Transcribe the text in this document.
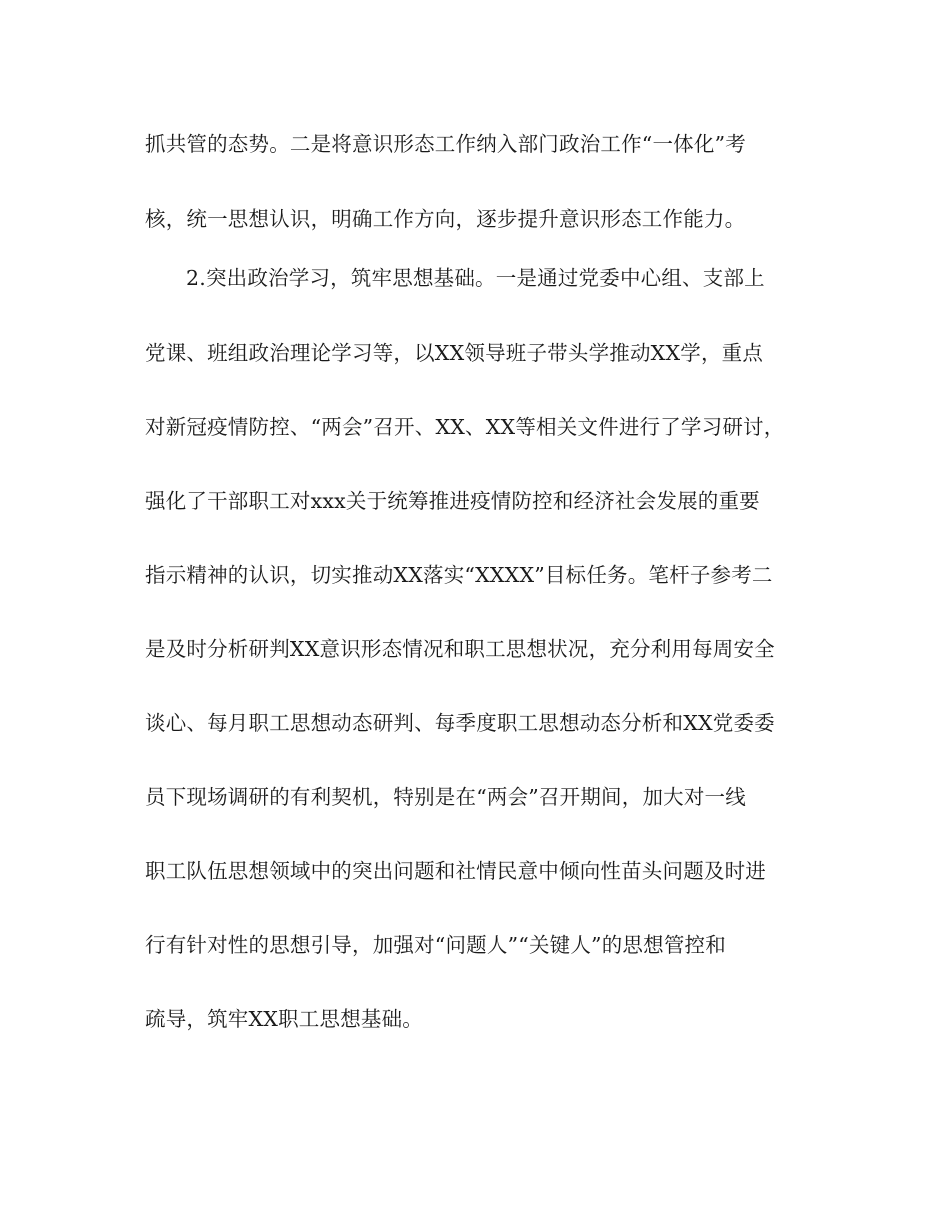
抓共管的态势。二是将意识形态工作纳入部门政治工作“一体化”考
核，统一思想认识，明确工作方向，逐步提升意识形态工作能力。
2.突出政治学习，筑牢思想基础。一是通过党委中心组、支部上
党课、班组政治理论学习等，以XX领导班子带头学推动XX学，重点
对新冠疫情防控、“两会”召开、XX、XX等相关文件进行了学习研讨，
强化了干部职工对xxx关于统筹推进疫情防控和经济社会发展的重要
指示精神的认识，切实推动XX落实“XXXX”目标任务。笔杆子参考二
是及时分析研判XX意识形态情况和职工思想状况，充分利用每周安全
谈心、每月职工思想动态研判、每季度职工思想动态分析和XX党委委
员下现场调研的有利契机，特别是在“两会”召开期间，加大对一线
职工队伍思想领域中的突出问题和社情民意中倾向性苗头问题及时进
行有针对性的思想引导，加强对“问题人”“关键人”的思想管控和
疏导，筑牢XX职工思想基础。
